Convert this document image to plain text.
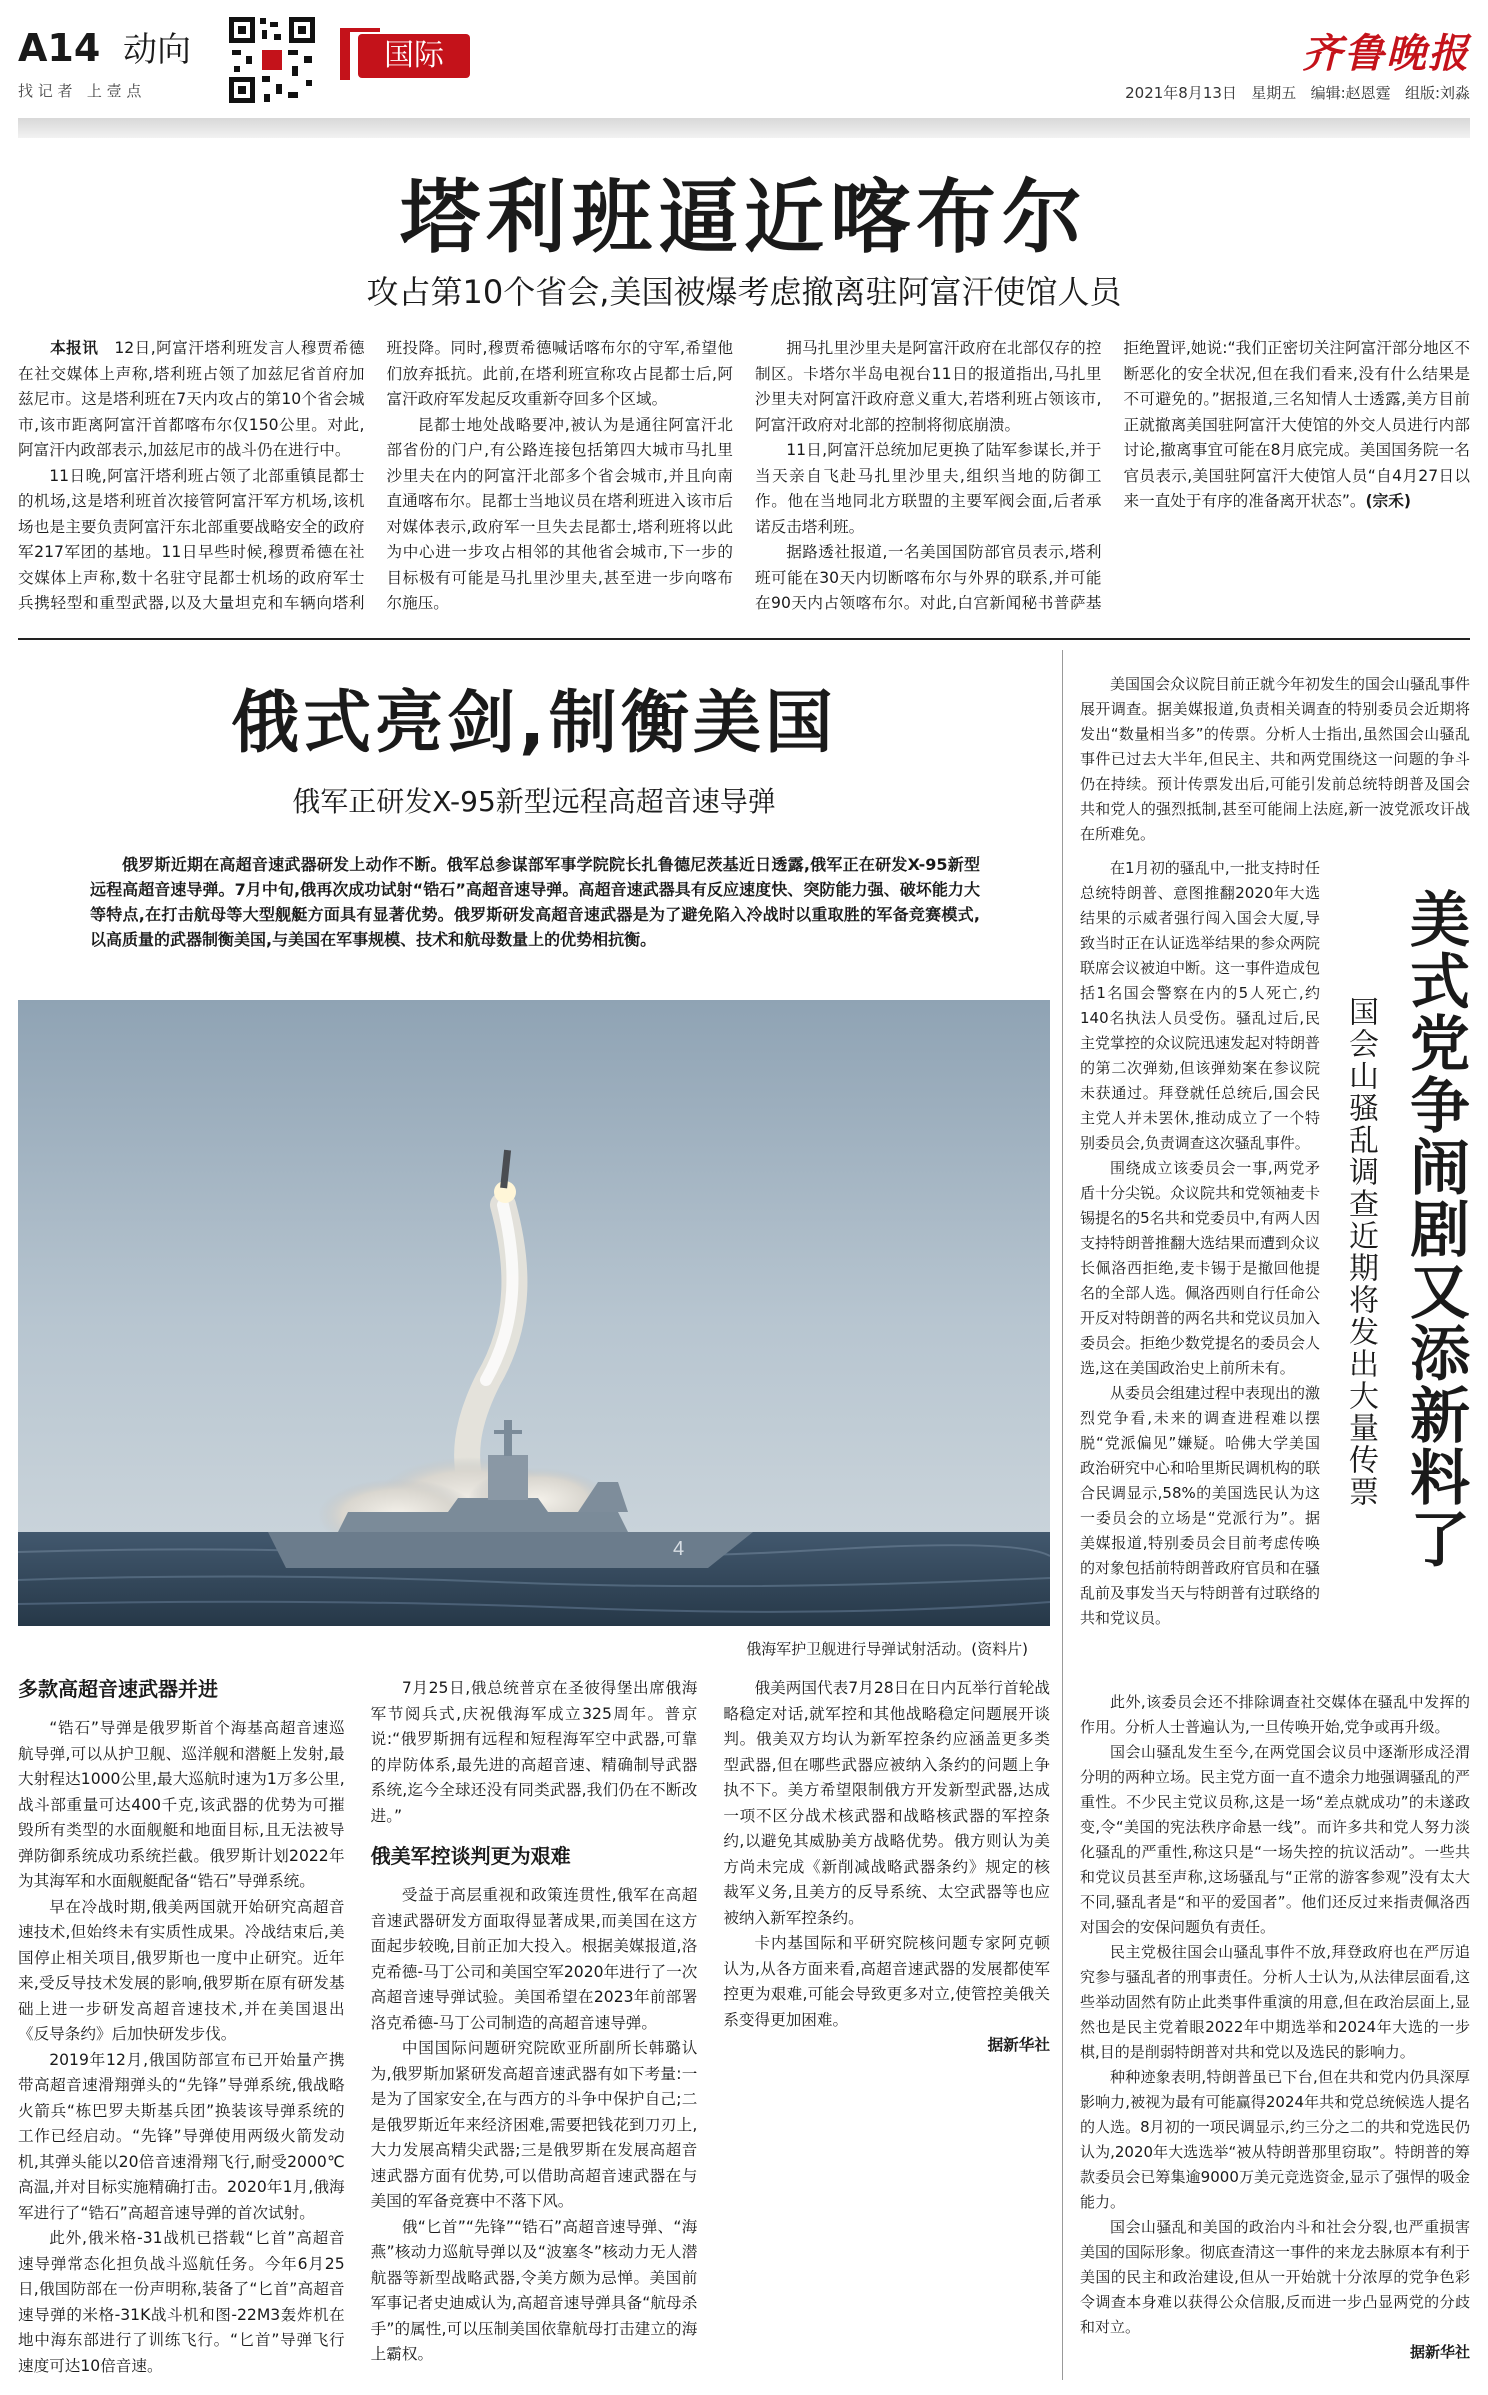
A14 动向
找 记 者   上 壹 点
国际	齐鲁晚报
2021年8月13日 星期五 编辑:赵恩霆 组版:刘淼
塔利班逼近喀布尔
攻占第10个省会,美国被爆考虑撤离驻阿富汗使馆人员

　　本报讯　 12日,阿富汗塔利班发言人穆贾希德在社交媒体上声称,塔利班占领了加兹尼省首府加兹尼市。这是塔利班在7天内攻占的第10个省会城市,该市距离阿富汗首都喀布尔仅150公里。对此,阿富汗内政部表示,加兹尼市的战斗仍在进行中。

11日晚,阿富汗塔利班占领了北部重镇昆都士的机场,这是塔利班首次接管阿富汗军方机场,该机场也是主要负责阿富汗东北部重要战略安全的政府军217军团的基地。11日早些时候,穆贾希德在社交媒体上声称,数十名驻守昆都士机场的政府军士兵携轻型和重型武器,以及大量坦克和车辆向塔利班投降。同时,穆贾希德喊话喀布尔的守军,希望他们放弃抵抗。此前,在塔利班宣称攻占昆都士后,阿富汗政府军发起反攻重新夺回多个区域。

昆都士地处战略要冲,被认为是通往阿富汗北部省份的门户,有公路连接包括第四大城市马扎里沙里夫在内的阿富汗北部多个省会城市,并且向南直通喀布尔。昆都士当地议员在塔利班进入该市后对媒体表示,政府军一旦失去昆都士,塔利班将以此为中心进一步攻占相邻的其他省会城市,下一步的目标极有可能是马扎里沙里夫,甚至进一步向喀布尔施压。

拥马扎里沙里夫是阿富汗政府在北部仅存的控制区。卡塔尔半岛电视台11日的报道指出,马扎里沙里夫对阿富汗政府意义重大,若塔利班占领该市,阿富汗政府对北部的控制将彻底崩溃。

11日,阿富汗总统加尼更换了陆军参谋长,并于当天亲自飞赴马扎里沙里夫,组织当地的防御工作。他在当地同北方联盟的主要军阀会面,后者承诺反击塔利班。

据路透社报道,一名美国国防部官员表示,塔利班可能在30天内切断喀布尔与外界的联系,并可能在90天内占领喀布尔。对此,白宫新闻秘书普萨基拒绝置评,她说:“我们正密切关注阿富汗部分地区不断恶化的安全状况,但在我们看来,没有什么结果是不可避免的。”据报道,三名知情人士透露,美方目前正就撤离美国驻阿富汗大使馆的外交人员进行内部讨论,撤离事宜可能在8月底完成。美国国务院一名官员表示,美国驻阿富汗大使馆人员“自4月27日以来一直处于有序的准备离开状态”。(宗禾)

俄式亮剑,制衡美国
俄军正研发X-95新型远程高超音速导弹
俄罗斯近期在高超音速武器研发上动作不断。俄军总参谋部军事学院院长扎鲁德尼茨基近日透露,俄军正在研发X-95新型远程高超音速导弹。7月中旬,俄再次成功试射“锆石”高超音速导弹。高超音速武器具有反应速度快、突防能力强、破坏能力大等特点,在打击航母等大型舰艇方面具有显著优势。俄罗斯研发高超音速武器是为了避免陷入冷战时以重取胜的军备竞赛模式,以高质量的武器制衡美国,与美国在军事规模、技术和航母数量上的优势相抗衡。
4
俄海军护卫舰进行导弹试射活动。(资料片)
多款高超音速武器并进

“锆石”导弹是俄罗斯首个海基高超音速巡航导弹,可以从护卫舰、巡洋舰和潜艇上发射,最大射程达1000公里,最大巡航时速为1万多公里,战斗部重量可达400千克,该武器的优势为可摧毁所有类型的水面舰艇和地面目标,且无法被导弹防御系统成功系统拦截。俄罗斯计划2022年为其海军和水面舰艇配备“锆石”导弹系统。

早在冷战时期,俄美两国就开始研究高超音速技术,但始终未有实质性成果。冷战结束后,美国停止相关项目,俄罗斯也一度中止研究。近年来,受反导技术发展的影响,俄罗斯在原有研发基础上进一步研发高超音速技术,并在美国退出《反导条约》后加快研发步伐。

2019年12月,俄国防部宣布已开始量产携带高超音速滑翔弹头的“先锋”导弹系统,俄战略火箭兵“栋巴罗夫斯基兵团”换装该导弹系统的工作已经启动。“先锋”导弹使用两级火箭发动机,其弹头能以20倍音速滑翔飞行,耐受2000℃高温,并对目标实施精确打击。2020年1月,俄海军进行了“锆石”高超音速导弹的首次试射。

此外,俄米格-31战机已搭载“匕首”高超音速导弹常态化担负战斗巡航任务。今年6月25日,俄国防部在一份声明称,装备了“匕首”高超音速导弹的米格-31K战斗机和图-22M3轰炸机在地中海东部进行了训练飞行。“匕首”导弹飞行速度可达10倍音速。

7月25日,俄总统普京在圣彼得堡出席俄海军节阅兵式,庆祝俄海军成立325周年。普京说:“俄罗斯拥有远程和短程海军空中武器,可靠的岸防体系,最先进的高超音速、精确制导武器系统,迄今全球还没有同类武器,我们仍在不断改进。”

俄美军控谈判更为艰难

受益于高层重视和政策连贯性,俄军在高超音速武器研发方面取得显著成果,而美国在这方面起步较晚,目前正加大投入。根据美媒报道,洛克希德-马丁公司和美国空军2020年进行了一次高超音速导弹试验。美国希望在2023年前部署洛克希德-马丁公司制造的高超音速导弹。

中国国际问题研究院欧亚所副所长韩璐认为,俄罗斯加紧研发高超音速武器有如下考量:一是为了国家安全,在与西方的斗争中保护自己;二是俄罗斯近年来经济困难,需要把钱花到刀刃上,大力发展高精尖武器;三是俄罗斯在发展高超音速武器方面有优势,可以借助高超音速武器在与美国的军备竞赛中不落下风。

俄“匕首”“先锋”“锆石”高超音速导弹、“海燕”核动力巡航导弹以及“波塞冬”核动力无人潜航器等新型战略武器,令美方颇为忌惮。美国前军事记者史迪威认为,高超音速导弹具备“航母杀手”的属性,可以压制美国依靠航母打击建立的海上霸权。

俄美两国代表7月28日在日内瓦举行首轮战略稳定对话,就军控和其他战略稳定问题展开谈判。俄美双方均认为新军控条约应涵盖更多类型武器,但在哪些武器应被纳入条约的问题上争执不下。美方希望限制俄方开发新型武器,达成一项不区分战术核武器和战略核武器的军控条约,以避免其威胁美方战略优势。俄方则认为美方尚未完成《新削减战略武器条约》规定的核裁军义务,且美方的反导系统、太空武器等也应被纳入新军控条约。

卡内基国际和平研究院核问题专家阿克顿认为,从各方面来看,高超音速武器的发展都使军控更为艰难,可能会导致更多对立,使管控美俄关系变得更加困难。

据新华社

美国国会众议院目前正就今年初发生的国会山骚乱事件展开调查。据美媒报道,负责相关调查的特别委员会近期将发出“数量相当多”的传票。分析人士指出,虽然国会山骚乱事件已过去大半年,但民主、共和两党围绕这一问题的争斗仍在持续。预计传票发出后,可能引发前总统特朗普及国会共和党人的强烈抵制,甚至可能闹上法庭,新一波党派攻讦战在所难免。

在1月初的骚乱中,一批支持时任总统特朗普、意图推翻2020年大选结果的示威者强行闯入国会大厦,导致当时正在认证选举结果的参众两院联席会议被迫中断。这一事件造成包括1名国会警察在内的5人死亡,约140名执法人员受伤。骚乱过后,民主党掌控的众议院迅速发起对特朗普的第二次弹劾,但该弹劾案在参议院未获通过。拜登就任总统后,国会民主党人并未罢休,推动成立了一个特别委员会,负责调查这次骚乱事件。

围绕成立该委员会一事,两党矛盾十分尖锐。众议院共和党领袖麦卡锡提名的5名共和党委员中,有两人因支持特朗普推翻大选结果而遭到众议长佩洛西拒绝,麦卡锡于是撤回他提名的全部人选。佩洛西则自行任命公开反对特朗普的两名共和党议员加入委员会。拒绝少数党提名的委员会人选,这在美国政治史上前所未有。

从委员会组建过程中表现出的激烈党争看,未来的调查进程难以摆脱“党派偏见”嫌疑。哈佛大学美国政治研究中心和哈里斯民调机构的联合民调显示,58%的美国选民认为这一委员会的立场是“党派行为”。据美媒报道,特别委员会目前考虑传唤的对象包括前特朗普政府官员和在骚乱前及事发当天与特朗普有过联络的共和党议员。

美式党争闹剧又添新料了
国会山骚乱调查近期将发出大量传票

此外,该委员会还不排除调查社交媒体在骚乱中发挥的作用。分析人士普遍认为,一旦传唤开始,党争或再升级。

国会山骚乱发生至今,在两党国会议员中逐渐形成泾渭分明的两种立场。民主党方面一直不遗余力地强调骚乱的严重性。不少民主党议员称,这是一场“差点就成功”的未遂政变,令“美国的宪法秩序命悬一线”。而许多共和党人努力淡化骚乱的严重性,称这只是“一场失控的抗议活动”。一些共和党议员甚至声称,这场骚乱与“正常的游客参观”没有太大不同,骚乱者是“和平的爱国者”。他们还反过来指责佩洛西对国会的安保问题负有责任。

民主党极往国会山骚乱事件不放,拜登政府也在严厉追究参与骚乱者的刑事责任。分析人士认为,从法律层面看,这些举动固然有防止此类事件重演的用意,但在政治层面上,显然也是民主党着眼2022年中期选举和2024年大选的一步棋,目的是削弱特朗普对共和党以及选民的影响力。

种种迹象表明,特朗普虽已下台,但在共和党内仍具深厚影响力,被视为最有可能赢得2024年共和党总统候选人提名的人选。8月初的一项民调显示,约三分之二的共和党选民仍认为,2020年大选选举“被从特朗普那里窃取”。特朗普的筹款委员会已筹集逾9000万美元竞选资金,显示了强悍的吸金能力。

国会山骚乱和美国的政治内斗和社会分裂,也严重损害美国的国际形象。彻底查清这一事件的来龙去脉原本有利于美国的民主和政治建设,但从一开始就十分浓厚的党争色彩令调查本身难以获得公众信服,反而进一步凸显两党的分歧和对立。

据新华社
